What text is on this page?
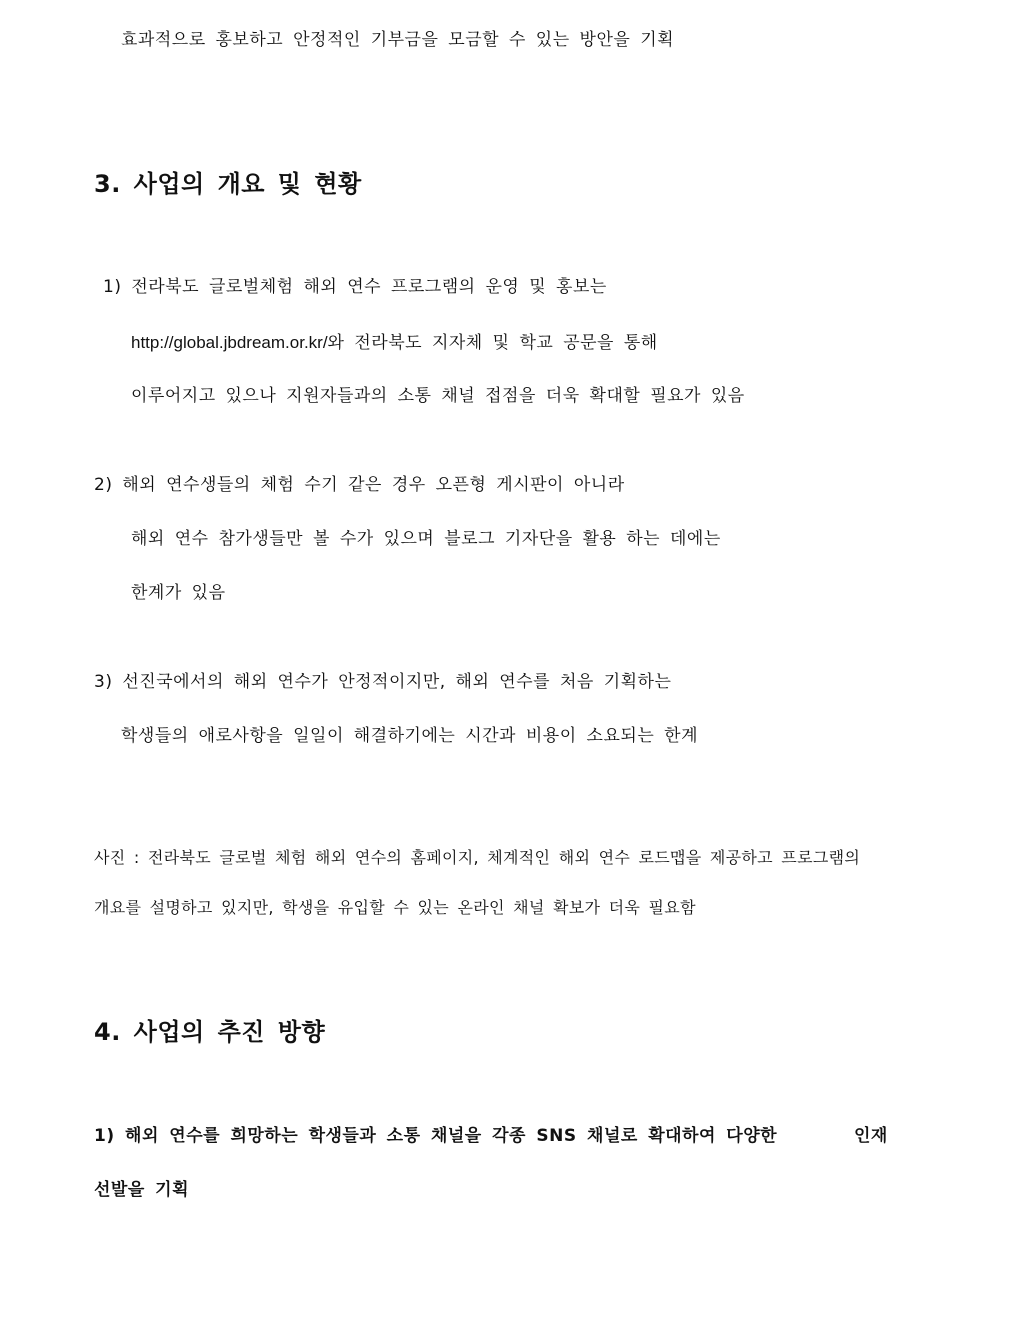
효과적으로 홍보하고 안정적인 기부금을 모금할 수 있는 방안을 기획
3. 사업의 개요 및 현황
1) 전라북도 글로벌체험 해외 연수 프로그램의 운영 및 홍보는
http://global.jbdream.or.kr/와 전라북도 지자체 및 학교 공문을 통해
이루어지고 있으나 지원자들과의 소통 채널 접점을 더욱 확대할 필요가 있음
2) 해외 연수생들의 체험 수기 같은 경우 오픈형 게시판이 아니라
해외 연수 참가생들만 볼 수가 있으며 블로그 기자단을 활용 하는 데에는
한계가 있음
3) 선진국에서의 해외 연수가 안정적이지만, 해외 연수를 처음 기획하는
학생들의 애로사항을 일일이 해결하기에는 시간과 비용이 소요되는 한계
사진 : 전라북도 글로벌 체험 해외 연수의 홈페이지, 체계적인 해외 연수 로드맵을 제공하고 프로그램의
개요를 설명하고 있지만, 학생을 유입할 수 있는 온라인 채널 확보가 더욱 필요함
4. 사업의 추진 방향
1) 해외 연수를 희망하는 학생들과 소통 채널을 각종 SNS 채널로 확대하여 다양한	인재
선발을 기획
